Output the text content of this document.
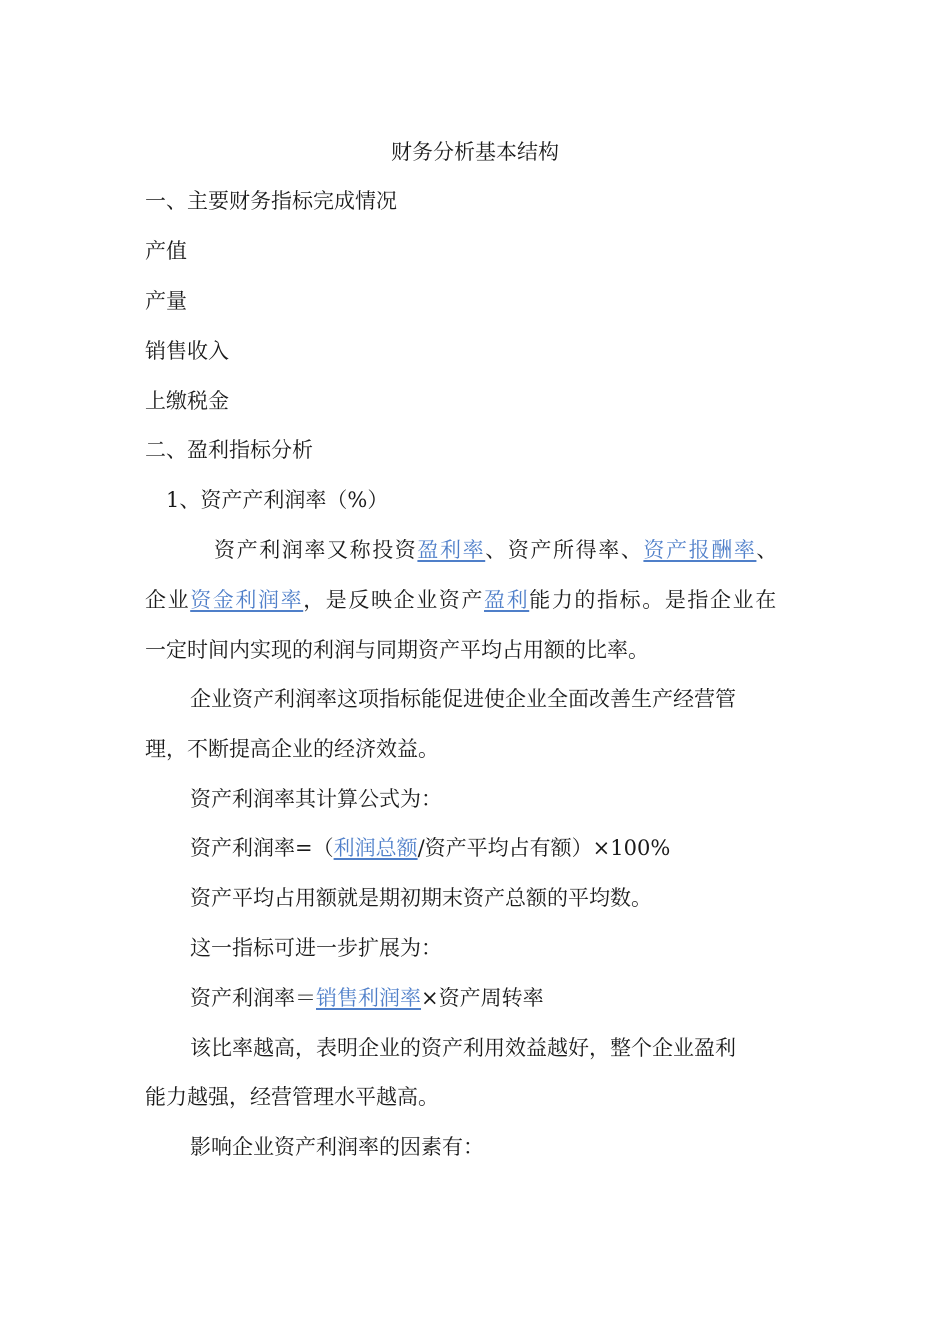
财务分析基本结构
一、主要财务指标完成情况
产值
产量
销售收入
上缴税金
二、盈利指标分析
1、资产产利润率（%）
资产利润率又称投资盈利率、资产所得率、资产报酬率、
企业资金利润率，是反映企业资产盈利能力的指标。是指企业在
一定时间内实现的利润与同期资产平均占用额的比率。
企业资产利润率这项指标能促进使企业全面改善生产经营管
理，不断提高企业的经济效益。
资产利润率其计算公式为：
资产利润率=（利润总额/资产平均占有额）×100%
资产平均占用额就是期初期末资产总额的平均数。
这一指标可进一步扩展为：
资产利润率＝销售利润率×资产周转率
该比率越高，表明企业的资产利用效益越好，整个企业盈利
能力越强，经营管理水平越高。
影响企业资产利润率的因素有：
